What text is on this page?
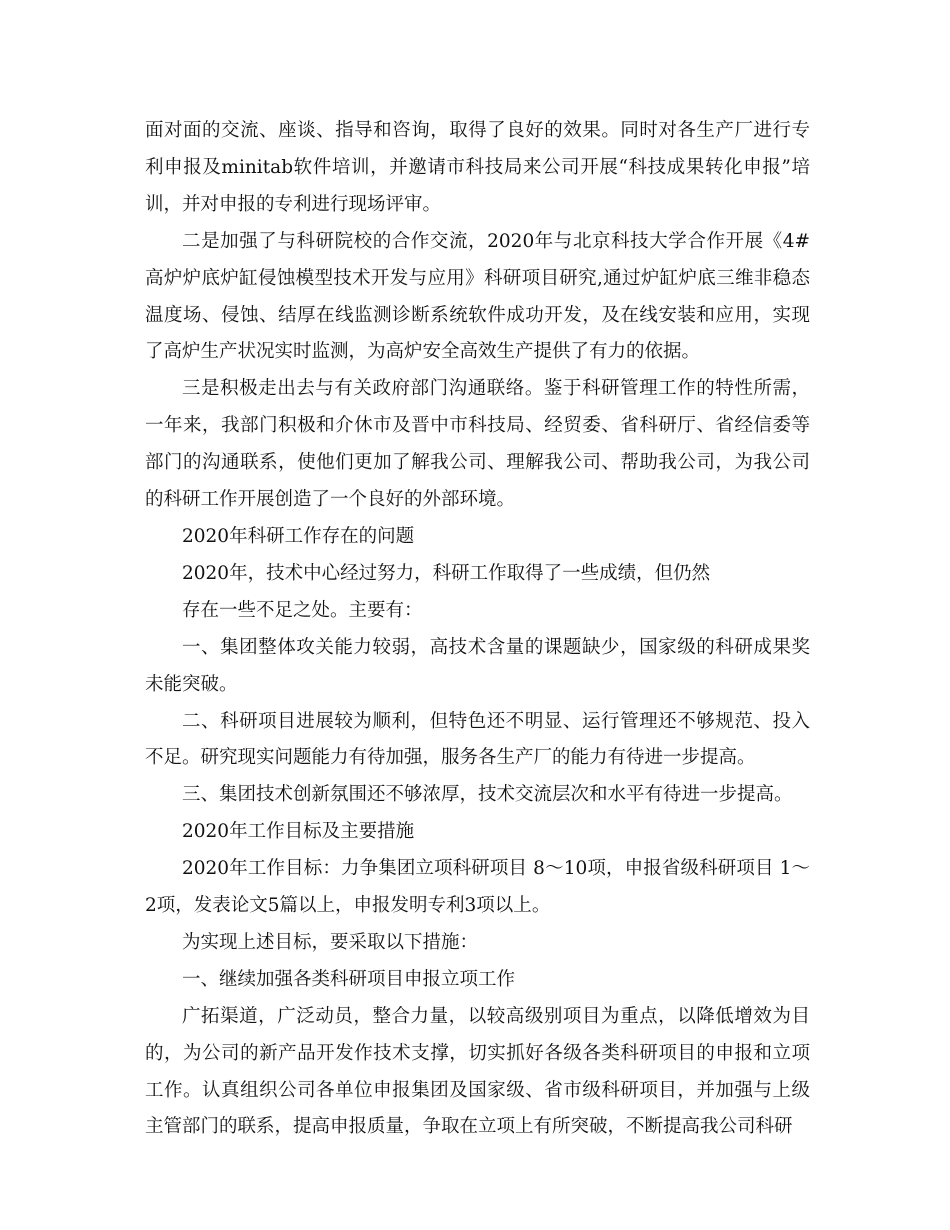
面对面的交流、座谈、指导和咨询，取得了良好的效果。同时对各生产厂进行专利申报及minitab软件培训，并邀请市科技局来公司开展“科技成果转化申报”培训，并对申报的专利进行现场评审。

二是加强了与科研院校的合作交流，2020年与北京科技大学合作开展《4#高炉炉底炉缸侵蚀模型技术开发与应用》科研项目研究,通过炉缸炉底三维非稳态温度场、侵蚀、结厚在线监测诊断系统软件成功开发，及在线安装和应用，实现了高炉生产状况实时监测，为高炉安全高效生产提供了有力的依据。

三是积极走出去与有关政府部门沟通联络。鉴于科研管理工作的特性所需，一年来，我部门积极和介休市及晋中市科技局、经贸委、省科研厅、省经信委等部门的沟通联系，使他们更加了解我公司、理解我公司、帮助我公司，为我公司的科研工作开展创造了一个良好的外部环境。

2020年科研工作存在的问题

2020年，技术中心经过努力，科研工作取得了一些成绩，但仍然

存在一些不足之处。主要有：

一、集团整体攻关能力较弱，高技术含量的课题缺少，国家级的科研成果奖未能突破。

二、科研项目进展较为顺利，但特色还不明显、运行管理还不够规范、投入不足。研究现实问题能力有待加强，服务各生产厂的能力有待进一步提高。

三、集团技术创新氛围还不够浓厚，技术交流层次和水平有待进一步提高。

2020年工作目标及主要措施

2020年工作目标：力争集团立项科研项目 8～10项，申报省级科研项目 1～2项，发表论文5篇以上，申报发明专利3项以上。

为实现上述目标，要采取以下措施：

一、继续加强各类科研项目申报立项工作

广拓渠道，广泛动员，整合力量，以较高级别项目为重点，以降低增效为目的，为公司的新产品开发作技术支撑，切实抓好各级各类科研项目的申报和立项工作。认真组织公司各单位申报集团及国家级、省市级科研项目，并加强与上级主管部门的联系，提高申报质量，争取在立项上有所突破，不断提高我公司科研
